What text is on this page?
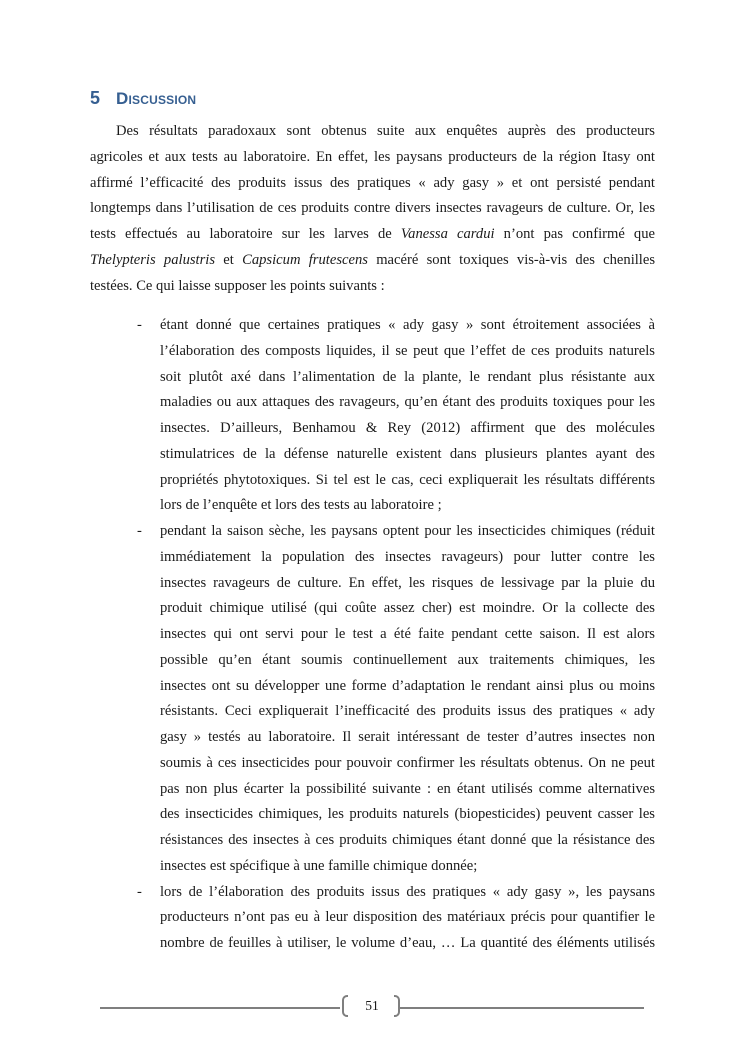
5 Discussion
Des résultats paradoxaux sont obtenus suite aux enquêtes auprès des producteurs
agricoles et aux tests au laboratoire. En effet, les paysans producteurs de la région Itasy ont
affirmé l’efficacité des produits issus des pratiques « ady gasy » et ont persisté pendant
longtemps dans l’utilisation de ces produits contre divers insectes ravageurs de culture. Or, les
tests effectués au laboratoire sur les larves de Vanessa cardui n’ont pas confirmé que
Thelypteris palustris et Capsicum frutescens macéré sont toxiques vis-à-vis des chenilles
testées. Ce qui laisse supposer les points suivants :
- étant donné que certaines pratiques « ady gasy » sont étroitement associées à
l’élaboration des composts liquides, il se peut que l’effet de ces produits naturels
soit plutôt axé dans l’alimentation de la plante, le rendant plus résistante aux
maladies ou aux attaques des ravageurs, qu’en étant des produits toxiques pour les
insectes. D’ailleurs, Benhamou & Rey (2012) affirment que des molécules
stimulatrices de la défense naturelle existent dans plusieurs plantes ayant des
propriétés phytotoxiques. Si tel est le cas, ceci expliquerait les résultats différents
lors de l’enquête et lors des tests au laboratoire ;
- pendant la saison sèche, les paysans optent pour les insecticides chimiques (réduit
immédiatement la population des insectes ravageurs) pour lutter contre les
insectes ravageurs de culture. En effet, les risques de lessivage par la pluie du
produit chimique utilisé (qui coûte assez cher) est moindre. Or la collecte des
insectes qui ont servi pour le test a été faite pendant cette saison. Il est alors
possible qu’en étant soumis continuellement aux traitements chimiques, les
insectes ont su développer une forme d’adaptation le rendant ainsi plus ou moins
résistants. Ceci expliquerait l’inefficacité des produits issus des pratiques « ady
gasy » testés au laboratoire. Il serait intéressant de tester d’autres insectes non
soumis à ces insecticides pour pouvoir confirmer les résultats obtenus. On ne peut
pas non plus écarter la possibilité suivante : en étant utilisés comme alternatives
des insecticides chimiques, les produits naturels (biopesticides) peuvent casser les
résistances des insectes à ces produits chimiques étant donné que la résistance des
insectes est spécifique à une famille chimique donnée;
- lors de l’élaboration des produits issus des pratiques « ady gasy », les paysans
producteurs n’ont pas eu à leur disposition des matériaux précis pour quantifier le
nombre de feuilles à utiliser, le volume d’eau, … La quantité des éléments utilisés
51
